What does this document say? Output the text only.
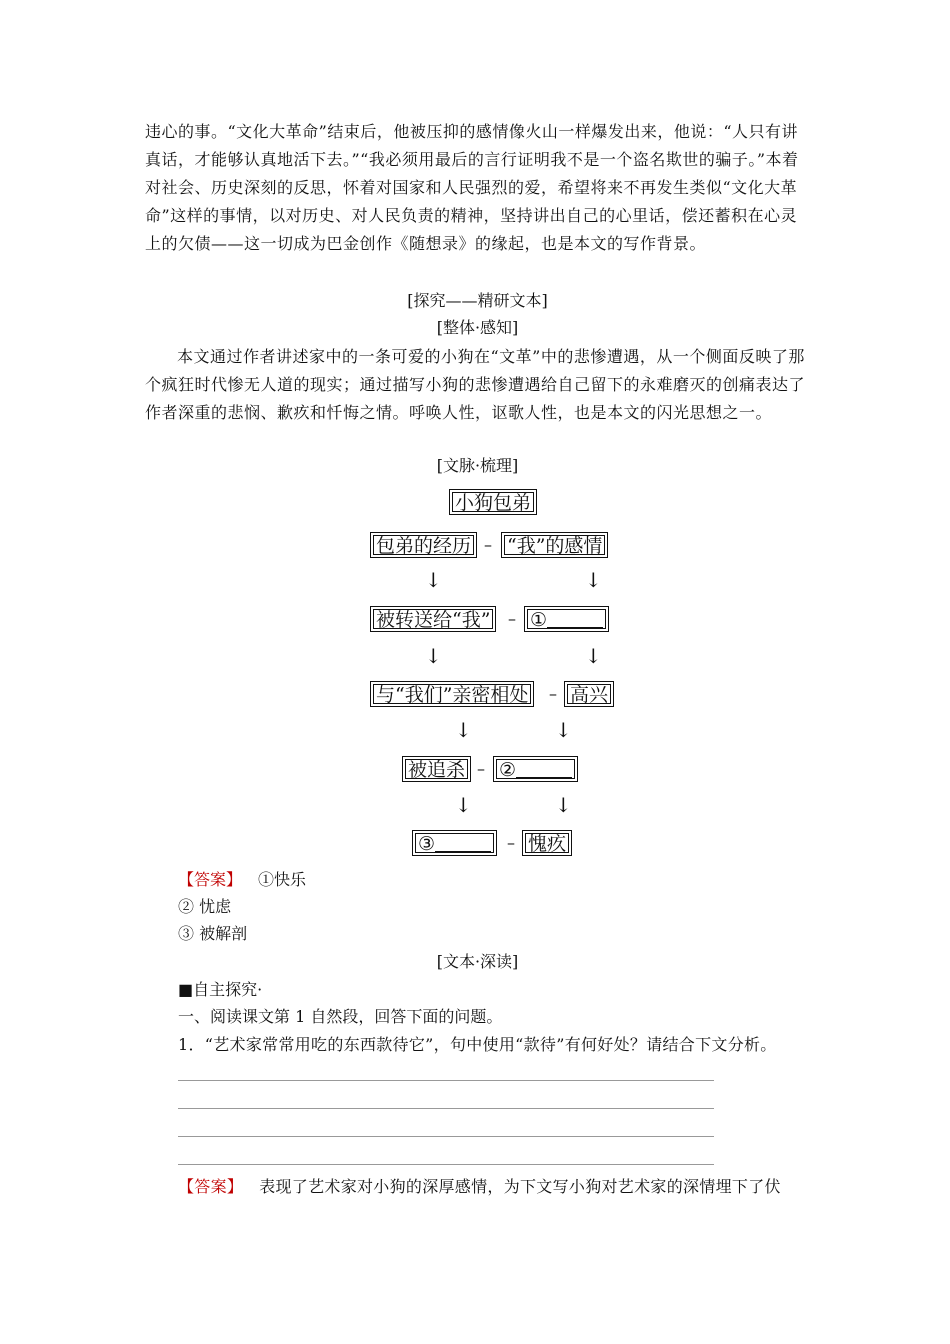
违心的事。“文化大革命”结束后，他被压抑的感情像火山一样爆发出来，他说：“人只有讲真话，才能够认真地活下去。”“我必须用最后的言行证明我不是一个盗名欺世的骗子。”本着对社会、历史深刻的反思，怀着对国家和人民强烈的爱，希望将来不再发生类似“文化大革命”这样的事情，以对历史、对人民负责的精神，坚持讲出自己的心里话，偿还蓄积在心灵上的欠债——这一切成为巴金创作《随想录》的缘起，也是本文的写作背景。
[探究——精研文本]
[整体·感知]
本文通过作者讲述家中的一条可爱的小狗在“文革”中的悲惨遭遇，从一个侧面反映了那个疯狂时代惨无人道的现实；通过描写小狗的悲惨遭遇给自己留下的永难磨灭的创痛表达了作者深重的悲悯、歉疚和忏悔之情。呼唤人性，讴歌人性，也是本文的闪光思想之一。
[文脉·梳理]
小狗包弟
包弟的经历 – “我”的感情
↓	↓
被转送给“我”	– ①
↓	↓
与“我们”亲密相处	– 高兴
↓	↓
被追杀 – ②
↓	↓
③	– 愧疚
【答案】 ①快乐
② 忧虑
③ 被解剖
[文本·深读]
■自主探究·
一、阅读课文第 1 自然段，回答下面的问题。
1．“艺术家常常用吃的东西款待它”，句中使用“款待”有何好处？请结合下文分析。
【答案】 表现了艺术家对小狗的深厚感情，为下文写小狗对艺术家的深情埋下了伏
